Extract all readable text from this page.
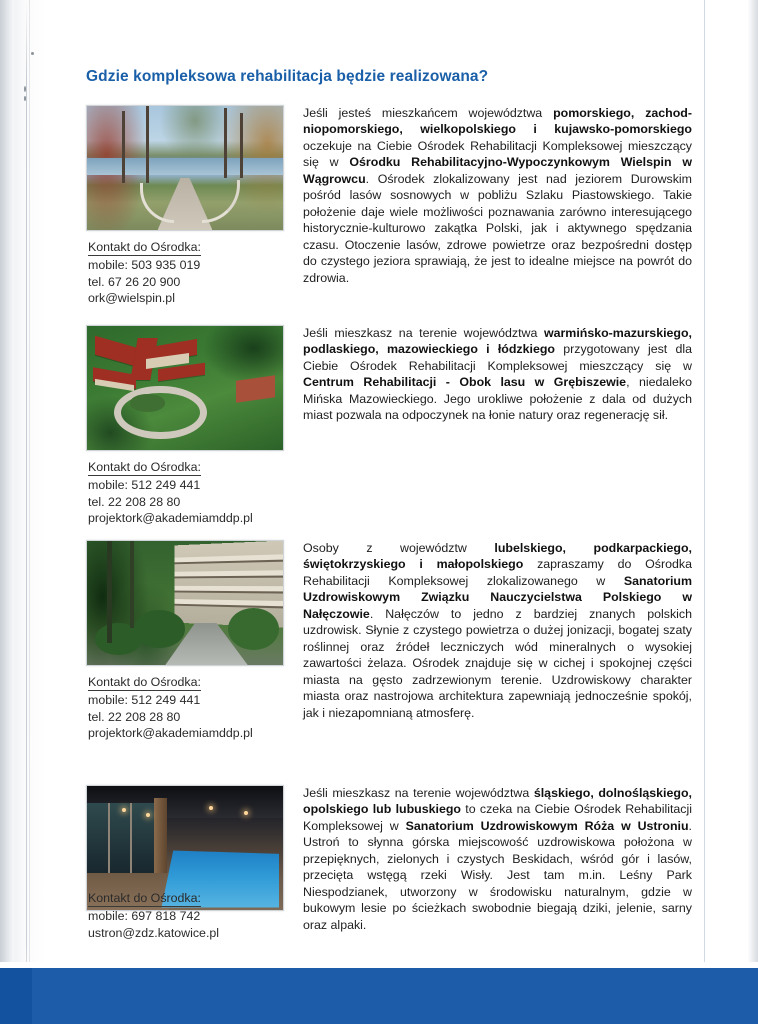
Gdzie kompleksowa rehabilitacja będzie realizowana?
Kontakt do Ośrodka:
mobile: 503 935 019
tel. 67 26 20 900
ork@wielspin.pl
Jeśli jesteś mieszkańcem województwa pomorskiego, zachod-niopomorskiego, wielkopolskiego i kujawsko-pomorskiego oczekuje na Ciebie Ośrodek Rehabilitacji Kompleksowej mieszczący się w Ośrodku Rehabilitacyjno-Wypoczynkowym Wielspin w Wągrowcu. Ośrodek zlokalizowany jest nad jeziorem Durowskim pośród lasów sosnowych w pobliżu Szlaku Piastowskiego. Takie położenie daje wiele możliwości poznawania zarówno interesującego historycznie-kulturowo zakątka Polski, jak i aktywnego spędzania czasu. Otoczenie lasów, zdrowe powietrze oraz bezpośredni dostęp do czystego jeziora sprawiają, że jest to idealne miejsce na powrót do zdrowia.
Kontakt do Ośrodka:
mobile: 512 249 441
tel. 22 208 28 80
projektork@akademiamddp.pl
Jeśli mieszkasz na terenie województwa warmińsko-mazurskiego, podlaskiego, mazowieckiego i łódzkiego przygotowany jest dla Ciebie Ośrodek Rehabilitacji Kompleksowej mieszczący się w Centrum Rehabilitacji - Obok lasu w Grębiszewie, niedaleko Mińska Mazowieckiego. Jego urokliwe położenie z dala od dużych miast pozwala na odpoczynek na łonie natury oraz regenerację sił.
Kontakt do Ośrodka:
mobile: 512 249 441
tel. 22 208 28 80
projektork@akademiamddp.pl
Osoby z województw lubelskiego, podkarpackiego, świętokrzyskiego i małopolskiego zapraszamy do Ośrodka Rehabilitacji Kompleksowej zlokalizowanego w Sanatorium Uzdrowiskowym Związku Nauczycielstwa Polskiego w Nałęczowie. Nałęczów to jedno z bardziej znanych polskich uzdrowisk. Słynie z czystego powietrza o dużej jonizacji, bogatej szaty roślinnej oraz źródeł leczniczych wód mineralnych o wysokiej zawartości żelaza. Ośrodek znajduje się w cichej i spokojnej części miasta na gęsto zadrzewionym terenie. Uzdrowiskowy charakter miasta oraz nastrojowa architektura zapewniają jednocześnie spokój, jak i niezapomnianą atmosferę.
Kontakt do Ośrodka:
mobile: 697 818 742
ustron@zdz.katowice.pl
Jeśli mieszkasz na terenie województwa śląskiego, dolnośląskiego, opolskiego lub lubuskiego to czeka na Ciebie Ośrodek Rehabilitacji Kompleksowej w Sanatorium Uzdrowiskowym Róża w Ustroniu. Ustroń to słynna górska miejscowość uzdrowiskowa położona w przepięknych, zielonych i czystych Beskidach, wśród gór i lasów, przecięta wstęgą rzeki Wisły. Jest tam m.in. Leśny Park Niespodzianek, utworzony w środowisku naturalnym, gdzie w bukowym lesie po ścieżkach swobodnie biegają dziki, jelenie, sarny oraz alpaki.
